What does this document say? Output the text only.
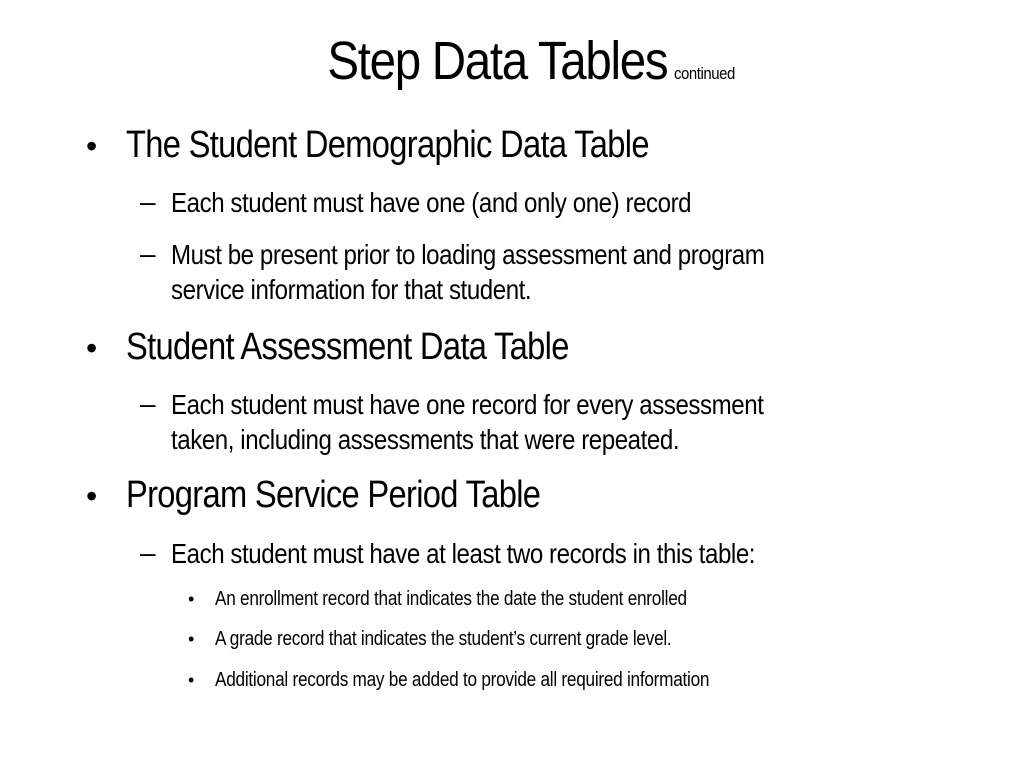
Step Data Tables continued
• The Student Demographic Data Table
– Each student must have one (and only one) record
– Must be present prior to loading assessment and program
service information for that student.
• Student Assessment Data Table
– Each student must have one record for every assessment
taken, including assessments that were repeated.
• Program Service Period Table
– Each student must have at least two records in this table:
• An enrollment record that indicates the date the student enrolled
• A grade record that indicates the student’s current grade level.
• Additional records may be added to provide all required information
